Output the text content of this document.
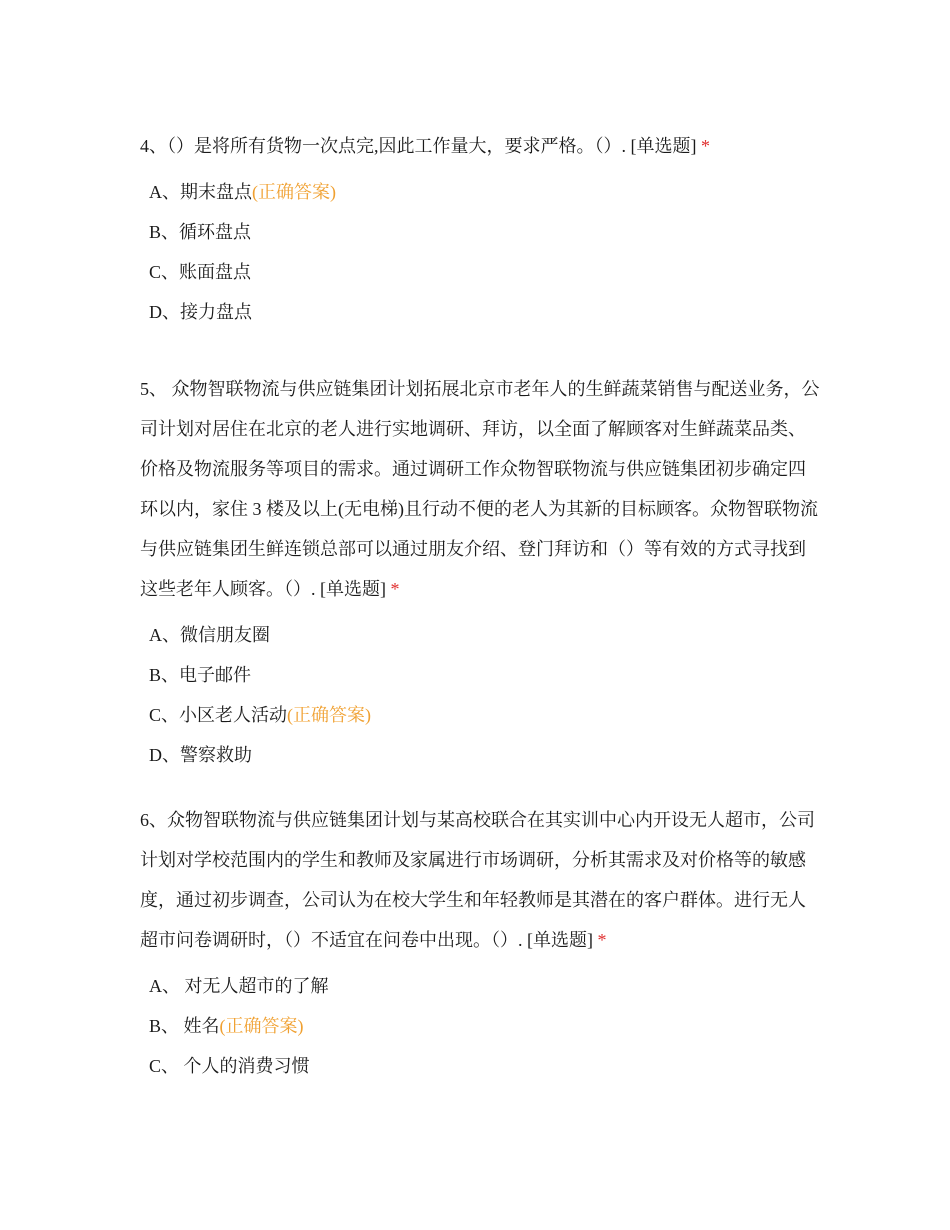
4、（）是将所有货物一次点完,因此工作量大，要求严格。（）. [单选题] *

A、期末盘点(正确答案)
B、循环盘点
C、账面盘点
D、接力盘点

5、 众物智联物流与供应链集团计划拓展北京市老年人的生鲜蔬菜销售与配送业务，公司计划对居住在北京的老人进行实地调研、拜访，以全面了解顾客对生鲜蔬菜品类、价格及物流服务等项目的需求。通过调研工作众物智联物流与供应链集团初步确定四环以内，家住 3 楼及以上(无电梯)且行动不便的老人为其新的目标顾客。众物智联物流与供应链集团生鲜连锁总部可以通过朋友介绍、登门拜访和（）等有效的方式寻找到这些老年人顾客。（）. [单选题] *

A、微信朋友圈
B、电子邮件
C、小区老人活动(正确答案)
D、警察救助

6、众物智联物流与供应链集团计划与某高校联合在其实训中心内开设无人超市，公司计划对学校范围内的学生和教师及家属进行市场调研，分析其需求及对价格等的敏感度，通过初步调查，公司认为在校大学生和年轻教师是其潜在的客户群体。进行无人超市问卷调研时，（）不适宜在问卷中出现。（）. [单选题] *

A、 对无人超市的了解
B、 姓名(正确答案)
C、 个人的消费习惯
